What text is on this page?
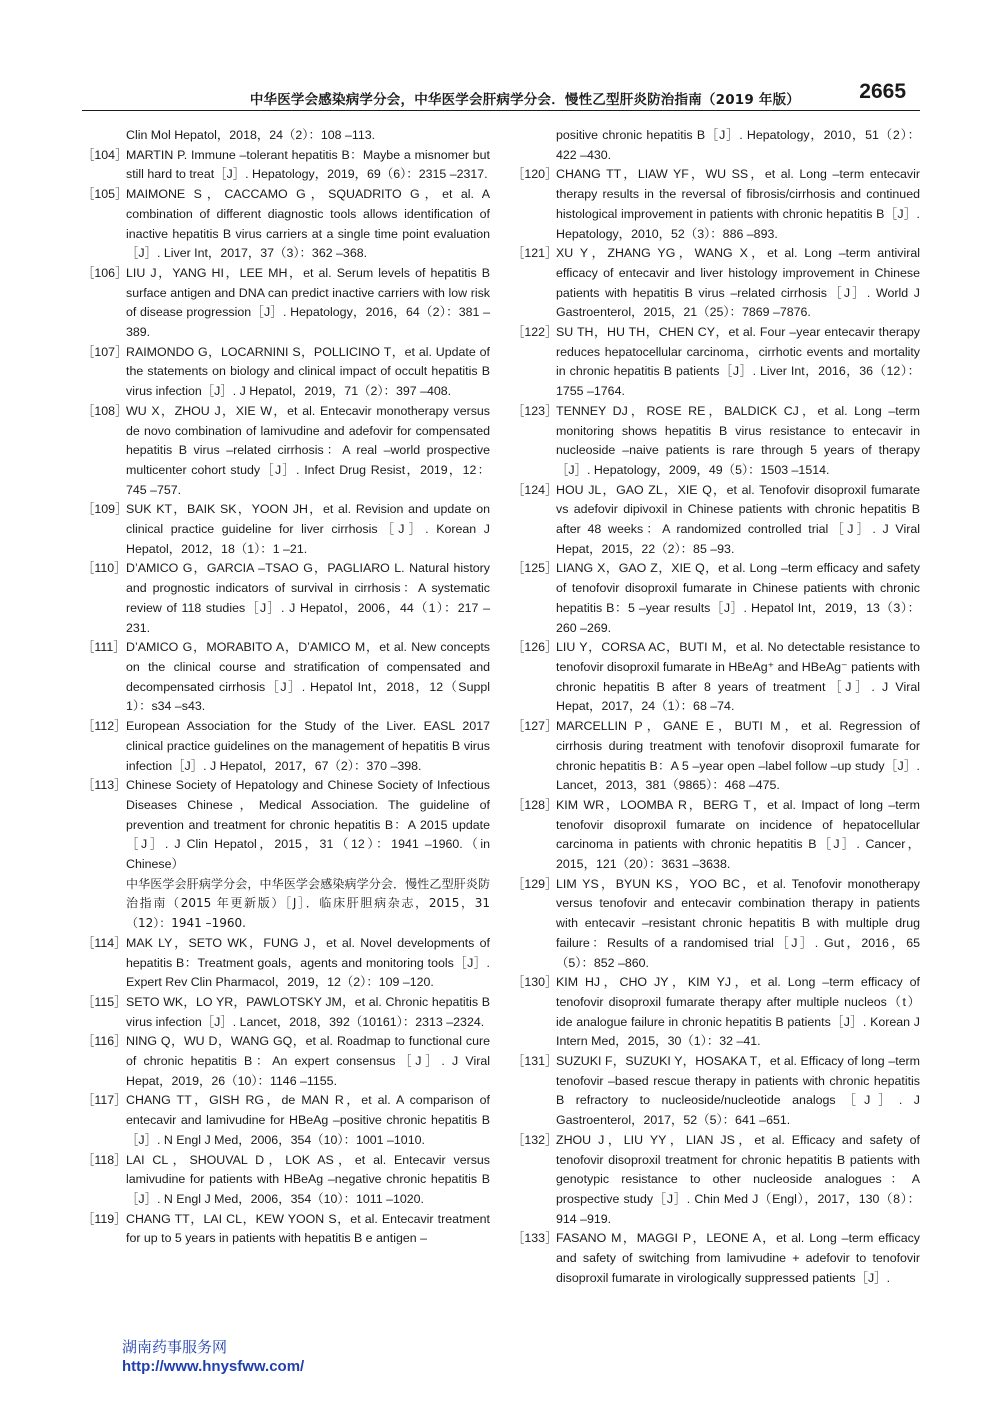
中华医学会感染病学分会，中华医学会肝病学分会．慢性乙型肝炎防治指南（2019 年版）	2665

Clin Mol Hepatol，2018，24（2）：108 –113.

［104］
MARTIN P. Immune –tolerant hepatitis B：Maybe a misnomer but still hard to treat［J］. Hepatology，2019，69（6）：2315 –2317.

［105］
MAIMONE S，CACCAMO G，SQUADRITO G，et al. A combination of different diagnostic tools allows identification of inactive hepatitis B virus carriers at a single time point evaluation［J］. Liver Int，2017，37（3）：362 –368.

［106］
LIU J，YANG HI，LEE MH，et al. Serum levels of hepatitis B surface antigen and DNA can predict inactive carriers with low risk of disease progression［J］. Hepatology，2016，64（2）：381 –389.

［107］
RAIMONDO G，LOCARNINI S，POLLICINO T，et al. Update of the statements on biology and clinical impact of occult hepatitis B virus infection［J］. J Hepatol，2019，71（2）：397 –408.

［108］
WU X，ZHOU J，XIE W，et al. Entecavir monotherapy versus de novo combination of lamivudine and adefovir for compensated hepatitis B virus –related cirrhosis：A real –world prospective multicenter cohort study［J］. Infect Drug Resist，2019，12：745 –757.

［109］
SUK KT，BAIK SK，YOON JH，et al. Revision and update on clinical practice guideline for liver cirrhosis［J］. Korean J Hepatol，2012，18（1）：1 –21.

［110］ D’AMICO G，GARCIA –TSAO G，PAGLIARO L. Natural history and prognostic indicators of survival in cirrhosis：A systematic review of 118 studies［J］. J Hepatol，2006，44（1）：217 –231.

［111］ D’AMICO G，MORABITO A，D’AMICO M，et al. New concepts on the clinical course and stratification of compensated and decompensated cirrhosis［J］. Hepatol Int，2018，12（Suppl 1）：s34 –s43.

［112］ European Association for the Study of the Liver. EASL 2017 clinical practice guidelines on the management of hepatitis B virus infection［J］. J Hepatol，2017，67（2）：370 –398.

［113］ Chinese Society of Hepatology and Chinese Society of Infectious Diseases Chinese，Medical Association. The guideline of prevention and treatment for chronic hepatitis B：A 2015 update［J］. J Clin Hepatol，2015，31（12）：1941 –1960.（in Chinese）

中华医学会肝病学分会，中华医学会感染病学分会．慢性乙型肝炎防治指南（2015 年更新版）［J］．临床肝胆病杂志，2015，31（12）：1941 –1960.

［114］ MAK LY，SETO WK，FUNG J，et al. Novel developments of hepatitis B：Treatment goals，agents and monitoring tools［J］. Expert Rev Clin Pharmacol，2019，12（2）：109 –120.

［115］ SETO WK，LO YR，PAWLOTSKY JM，et al. Chronic hepatitis B virus infection［J］. Lancet，2018，392（10161）：2313 –2324.

［116］ NING Q，WU D，WANG GQ，et al. Roadmap to functional cure of chronic hepatitis B：An expert consensus［J］. J Viral Hepat，2019，26（10）：1146 –1155.

［117］ CHANG TT，GISH RG，de MAN R，et al. A comparison of entecavir and lamivudine for HBeAg –positive chronic hepatitis B［J］. N Engl J Med，2006，354（10）：1001 –1010.

［118］ LAI CL，SHOUVAL D，LOK AS，et al. Entecavir versus lamivudine for patients with HBeAg –negative chronic hepatitis B［J］. N Engl J Med，2006，354（10）：1011 –1020.

［119］ CHANG TT，LAI CL，KEW YOON S，et al. Entecavir treatment for up to 5 years in patients with hepatitis B e antigen –

positive chronic hepatitis B［J］. Hepatology，2010，51（2）：422 –430.

［120］
CHANG TT，LIAW YF，WU SS，et al. Long –term entecavir therapy results in the reversal of fibrosis/cirrhosis and continued histological improvement in patients with chronic hepatitis B［J］. Hepatology，2010，52（3）：886 –893.

［121］
XU Y，ZHANG YG，WANG X，et al. Long –term antiviral efficacy of entecavir and liver histology improvement in Chinese patients with hepatitis B virus –related cirrhosis［J］. World J Gastroenterol，2015，21（25）：7869 –7876.

［122］
SU TH，HU TH，CHEN CY，et al. Four –year entecavir therapy reduces hepatocellular carcinoma，cirrhotic events and mortality in chronic hepatitis B patients［J］. Liver Int，2016，36（12）：1755 –1764.

［123］
TENNEY DJ，ROSE RE，BALDICK CJ，et al. Long –term monitoring shows hepatitis B virus resistance to entecavir in nucleoside –naive patients is rare through 5 years of therapy［J］. Hepatology，2009，49（5）：1503 –1514.

［124］
HOU JL，GAO ZL，XIE Q，et al. Tenofovir disoproxil fumarate vs adefovir dipivoxil in Chinese patients with chronic hepatitis B after 48 weeks：A randomized controlled trial［J］. J Viral Hepat，2015，22（2）：85 –93.

［125］
LIANG X，GAO Z，XIE Q，et al. Long –term efficacy and safety of tenofovir disoproxil fumarate in Chinese patients with chronic hepatitis B：5 –year results［J］. Hepatol Int，2019，13（3）：260 –269.

［126］
LIU Y，CORSA AC，BUTI M，et al. No detectable resistance to tenofovir disoproxil fumarate in HBeAg⁺ and HBeAg⁻ patients with chronic hepatitis B after 8 years of treatment［J］. J Viral Hepat，2017，24（1）：68 –74.

［127］
MARCELLIN P，GANE E，BUTI M，et al. Regression of cirrhosis during treatment with tenofovir disoproxil fumarate for chronic hepatitis B：A 5 –year open –label follow –up study［J］. Lancet，2013，381（9865）：468 –475.

［128］
KIM WR，LOOMBA R，BERG T，et al. Impact of long –term tenofovir disoproxil fumarate on incidence of hepatocellular carcinoma in patients with chronic hepatitis B［J］. Cancer，2015，121（20）：3631 –3638.

［129］
LIM YS，BYUN KS，YOO BC，et al. Tenofovir monotherapy versus tenofovir and entecavir combination therapy in patients with entecavir –resistant chronic hepatitis B with multiple drug failure：Results of a randomised trial［J］. Gut，2016，65（5）：852 –860.

［130］
KIM HJ，CHO JY，KIM YJ，et al. Long –term efficacy of tenofovir disoproxil fumarate therapy after multiple nucleos（t）ide analogue failure in chronic hepatitis B patients［J］. Korean J Intern Med，2015，30（1）：32 –41.

［131］
SUZUKI F，SUZUKI Y，HOSAKA T，et al. Efficacy of long –term tenofovir –based rescue therapy in patients with chronic hepatitis B refractory to nucleoside/nucleotide analogs［J］. J Gastroenterol，2017，52（5）：641 –651.

［132］
ZHOU J，LIU YY，LIAN JS，et al. Efficacy and safety of tenofovir disoproxil treatment for chronic hepatitis B patients with genotypic resistance to other nucleoside analogues：A prospective study［J］. Chin Med J（Engl），2017，130（8）：914 –919.

［133］
FASANO M，MAGGI P，LEONE A，et al. Long –term efficacy and safety of switching from lamivudine + adefovir to tenofovir disoproxil fumarate in virologically suppressed patients［J］.

湖南药事服务网
http://www.hnysfww.com/
